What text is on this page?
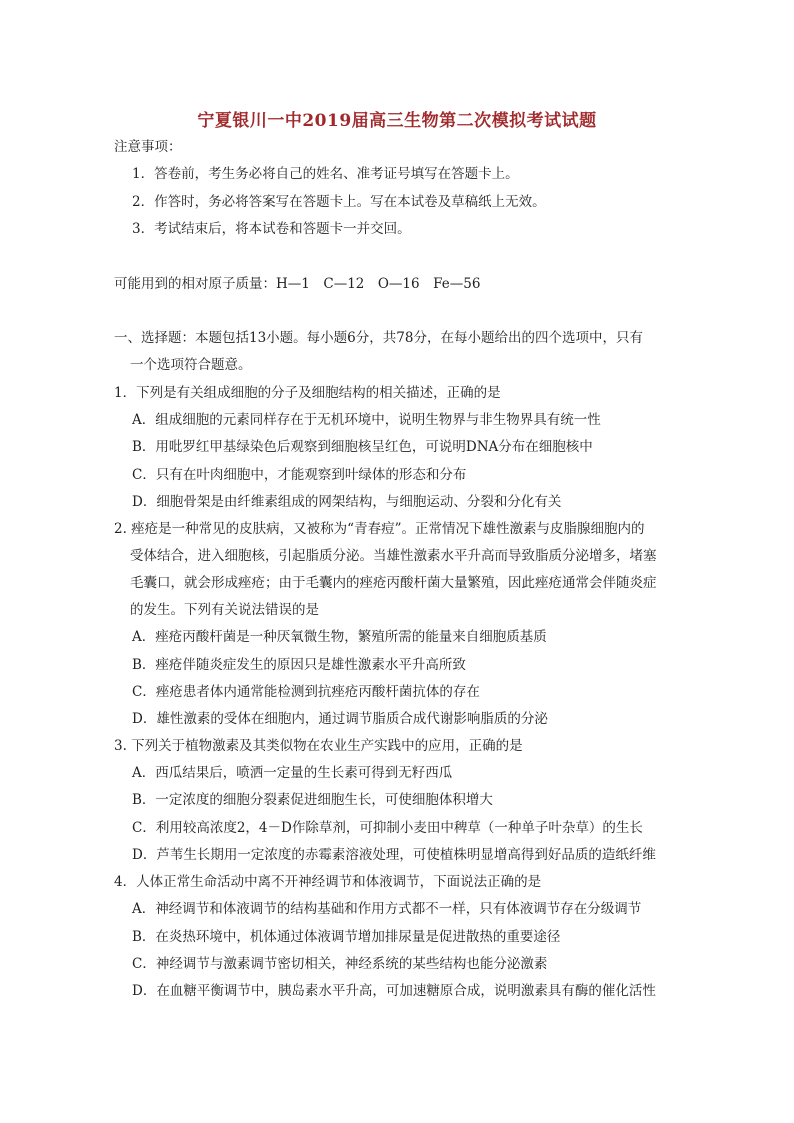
宁夏银川一中2019届高三生物第二次模拟考试试题
注意事项：
1．答卷前，考生务必将自己的姓名、准考证号填写在答题卡上。
2．作答时，务必将答案写在答题卡上。写在本试卷及草稿纸上无效。
3．考试结束后，将本试卷和答题卡一并交回。
可能用到的相对原子质量：H—1　C—12　O—16　Fe—56
一、选择题：本题包括13小题。每小题6分，共78分，在每小题给出的四个选项中，只有
一个选项符合题意。
1．下列是有关组成细胞的分子及细胞结构的相关描述，正确的是
A．组成细胞的元素同样存在于无机环境中，说明生物界与非生物界具有统一性
B．用吡罗红甲基绿染色后观察到细胞核呈红色，可说明DNA分布在细胞核中
C．只有在叶肉细胞中，才能观察到叶绿体的形态和分布
D．细胞骨架是由纤维素组成的网架结构，与细胞运动、分裂和分化有关
2. 痤疮是一种常见的皮肤病，又被称为“青春痘”。正常情况下雄性激素与皮脂腺细胞内的
受体结合，进入细胞核，引起脂质分泌。当雄性激素水平升高而导致脂质分泌增多，堵塞
毛囊口，就会形成痤疮；由于毛囊内的痤疮丙酸杆菌大量繁殖，因此痤疮通常会伴随炎症
的发生。下列有关说法错误的是
A．痤疮丙酸杆菌是一种厌氧微生物，繁殖所需的能量来自细胞质基质
B．痤疮伴随炎症发生的原因只是雄性激素水平升高所致
C．痤疮患者体内通常能检测到抗痤疮丙酸杆菌抗体的存在
D．雄性激素的受体在细胞内，通过调节脂质合成代谢影响脂质的分泌
3. 下列关于植物激素及其类似物在农业生产实践中的应用，正确的是
A．西瓜结果后，喷洒一定量的生长素可得到无籽西瓜
B．一定浓度的细胞分裂素促进细胞生长，可使细胞体积增大
C．利用较高浓度2，4－D作除草剂，可抑制小麦田中稗草（一种单子叶杂草）的生长
D．芦苇生长期用一定浓度的赤霉素溶液处理，可使植株明显增高得到好品质的造纸纤维
4．人体正常生命活动中离不开神经调节和体液调节，下面说法正确的是
A．神经调节和体液调节的结构基础和作用方式都不一样，只有体液调节存在分级调节
B．在炎热环境中，机体通过体液调节增加排尿量是促进散热的重要途径
C．神经调节与激素调节密切相关，神经系统的某些结构也能分泌激素
D．在血糖平衡调节中，胰岛素水平升高，可加速糖原合成，说明激素具有酶的催化活性
